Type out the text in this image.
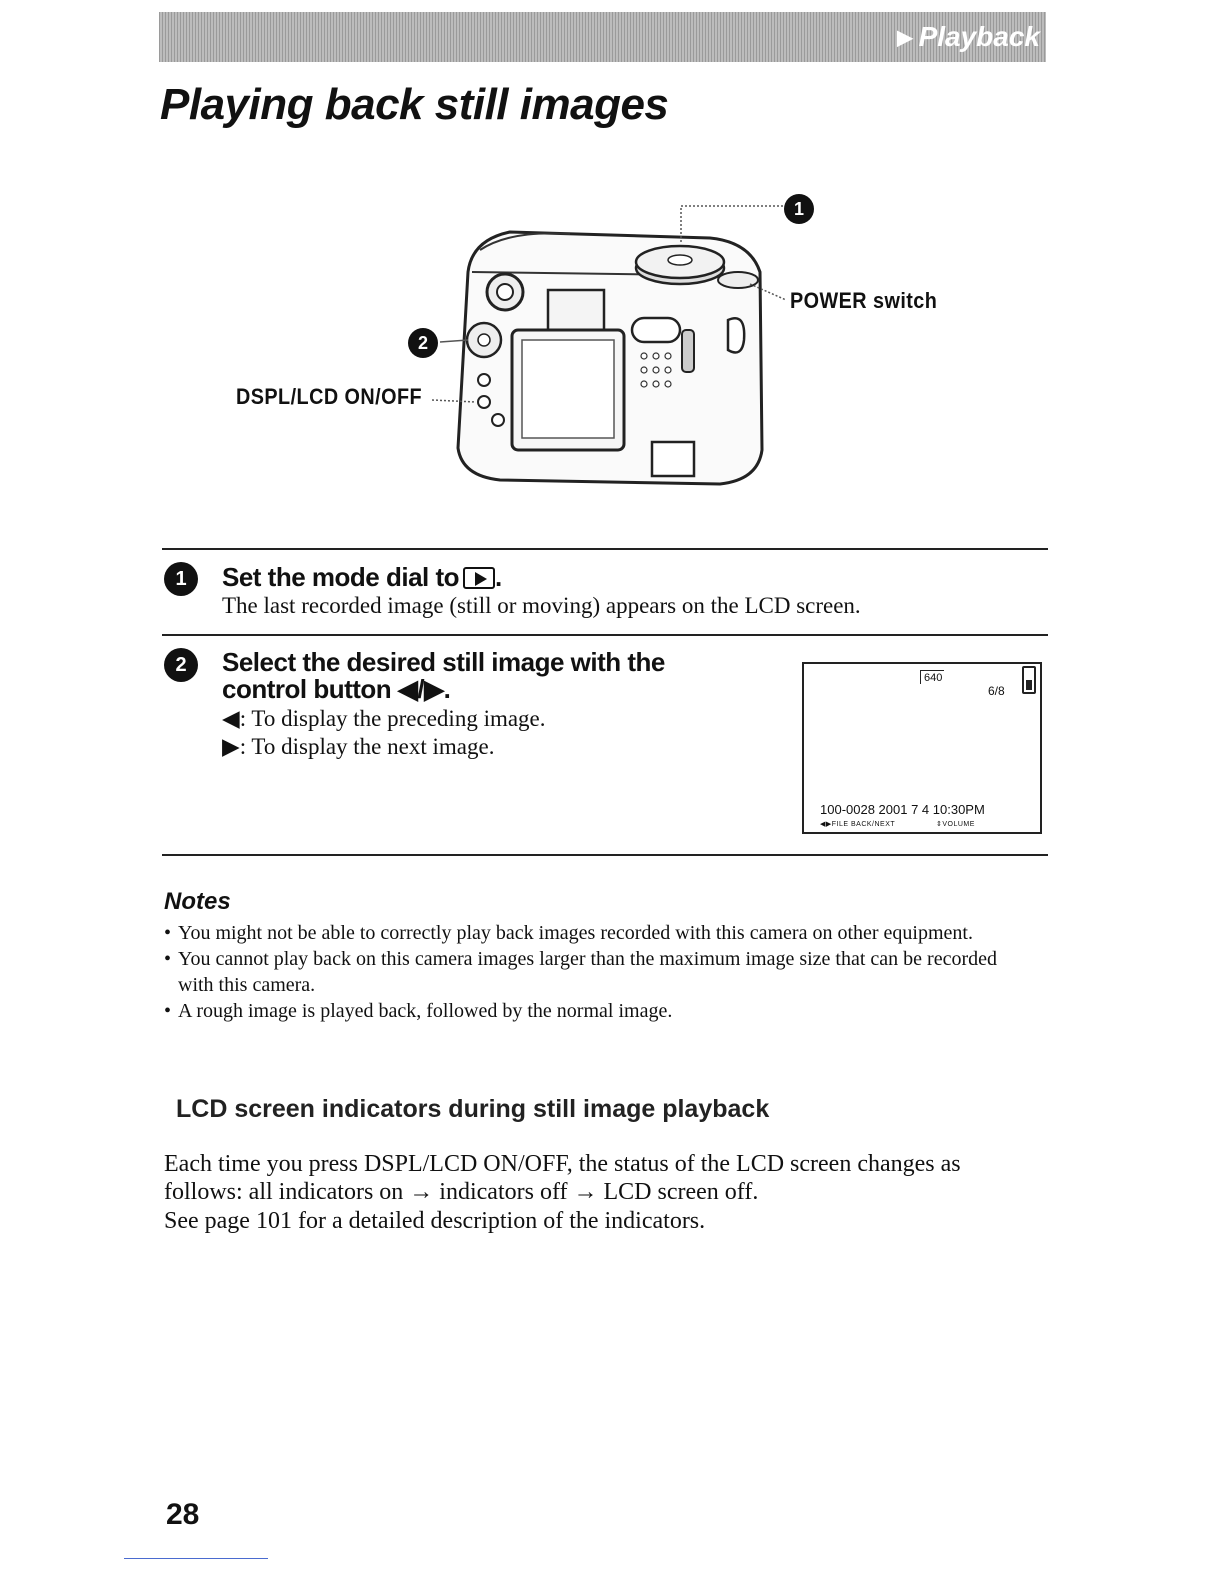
▶ Playback
Playing back still images
1
2
POWER switch
DSPL/LCD ON/OFF
1	Set the mode dial to .

The last recorded image (still or moving) appears on the LCD screen.

2	Select the desired still image with the
control button ◀/▶.

◀: To display the preceding image.

▶: To display the next image.

640
6/8
100-0028 2001 7 4 10:30PM
◀▶FILE BACK/NEXT	⇕VOLUME
Notes
• You might not be able to correctly play back images recorded with this camera on other equipment.
• You cannot play back on this camera images larger than the maximum image size that can be recorded with this camera.
• A rough image is played back, followed by the normal image.
LCD screen indicators during still image playback

Each time you press DSPL/LCD ON/OFF, the status of the LCD screen changes as follows: all indicators on → indicators off → LCD screen off.

See page 101 for a detailed description of the indicators.

28
